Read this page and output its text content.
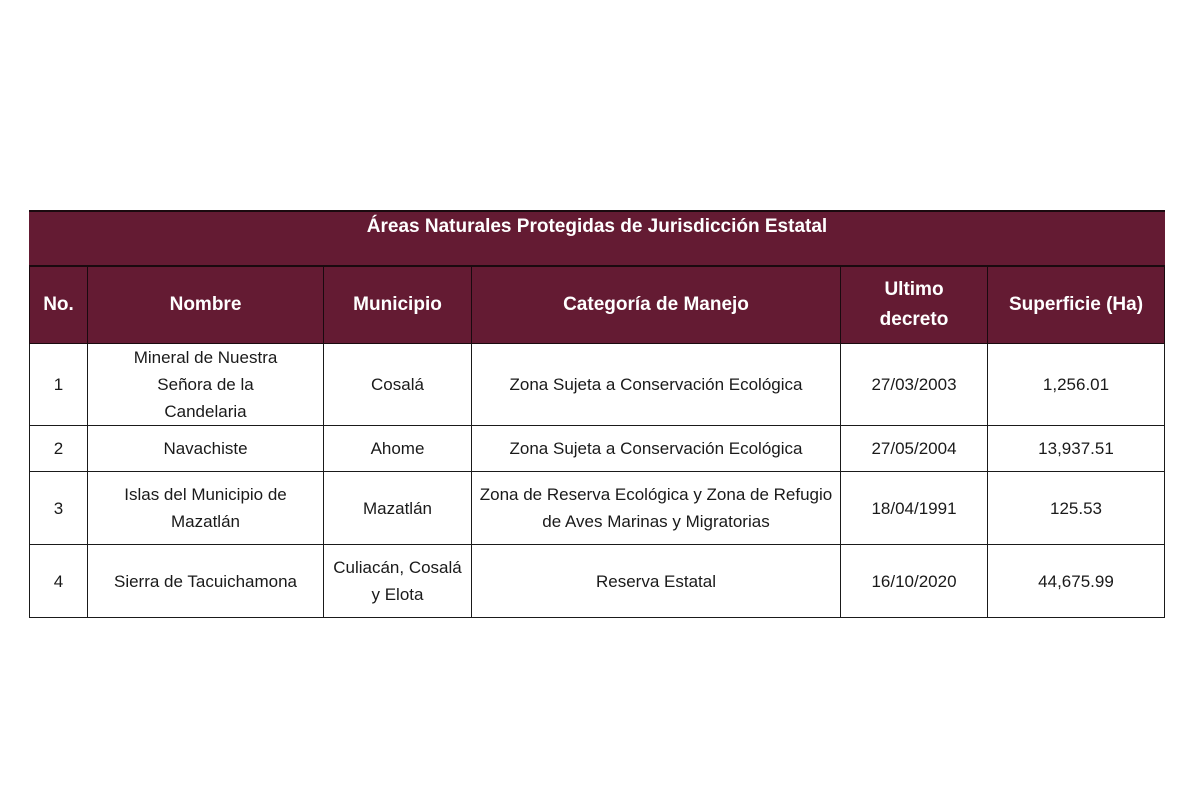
Áreas Naturales Protegidas de Jurisdicción Estatal					
No.	Nombre	Municipio	Categoría de Manejo	Ultimo decreto	Superficie (Ha)
1	Mineral de Nuestra Señora de la Candelaria	Cosalá	Zona Sujeta a Conservación Ecológica	27/03/2003	1,256.01
2	Navachiste	Ahome	Zona Sujeta a Conservación Ecológica	27/05/2004	13,937.51
3	Islas del Municipio de Mazatlán	Mazatlán	Zona de Reserva Ecológica y Zona de Refugio de Aves Marinas y Migratorias	18/04/1991	125.53
4	Sierra de Tacuichamona	Culiacán, Cosalá y Elota	Reserva Estatal	16/10/2020	44,675.99
